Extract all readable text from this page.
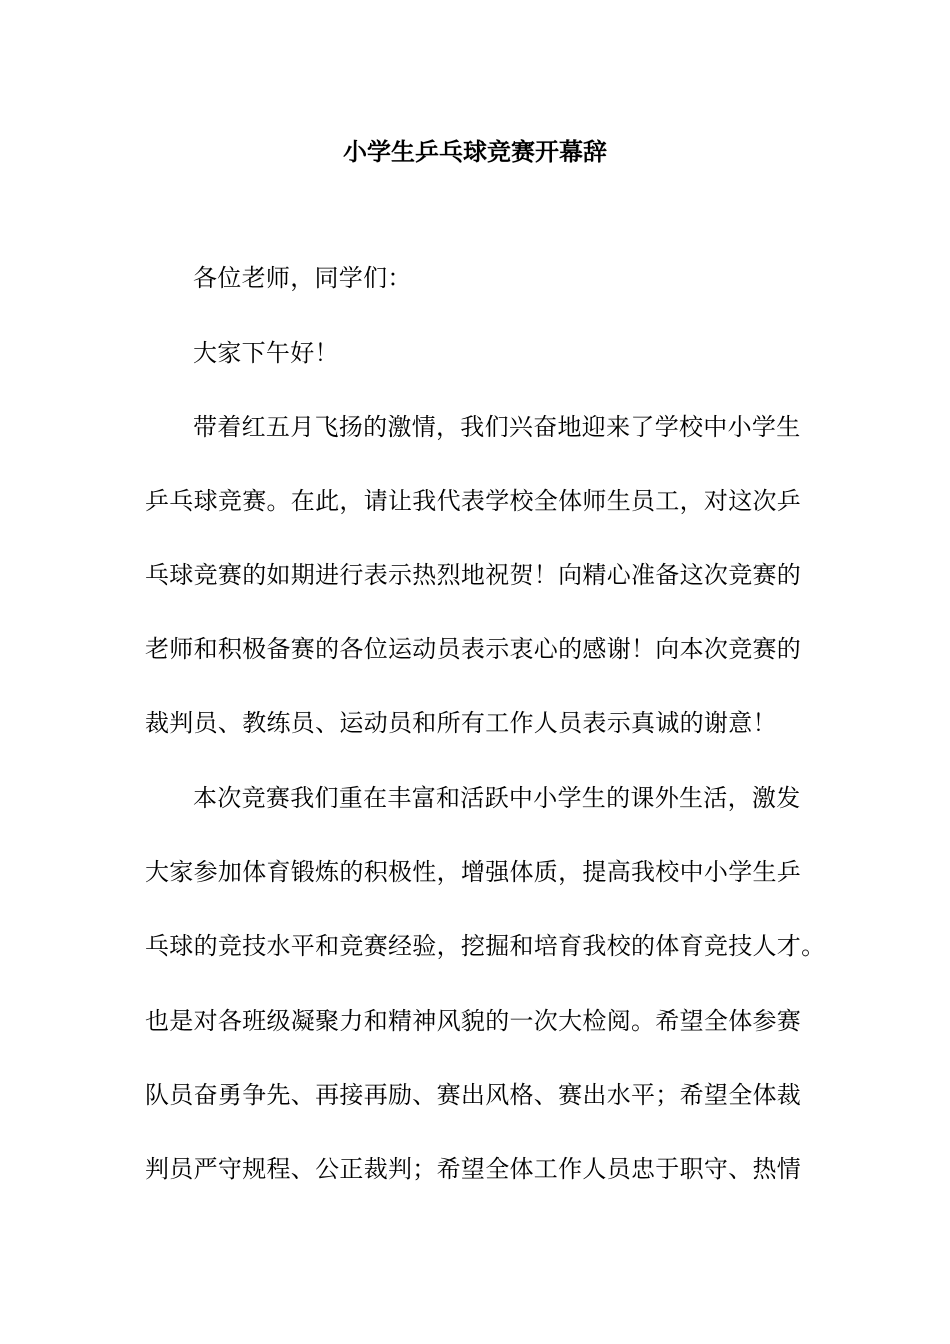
小学生乒乓球竞赛开幕辞
各位老师，同学们：
大家下午好！
带着红五月飞扬的激情，我们兴奋地迎来了学校中小学生
乒乓球竞赛。在此，请让我代表学校全体师生员工，对这次乒
乓球竞赛的如期进行表示热烈地祝贺！向精心准备这次竞赛的
老师和积极备赛的各位运动员表示衷心的感谢！向本次竞赛的
裁判员、教练员、运动员和所有工作人员表示真诚的谢意！
本次竞赛我们重在丰富和活跃中小学生的课外生活，激发
大家参加体育锻炼的积极性，增强体质，提高我校中小学生乒
乓球的竞技水平和竞赛经验，挖掘和培育我校的体育竞技人才。
也是对各班级凝聚力和精神风貌的一次大检阅。希望全体参赛
队员奋勇争先、再接再励、赛出风格、赛出水平；希望全体裁
判员严守规程、公正裁判；希望全体工作人员忠于职守、热情
